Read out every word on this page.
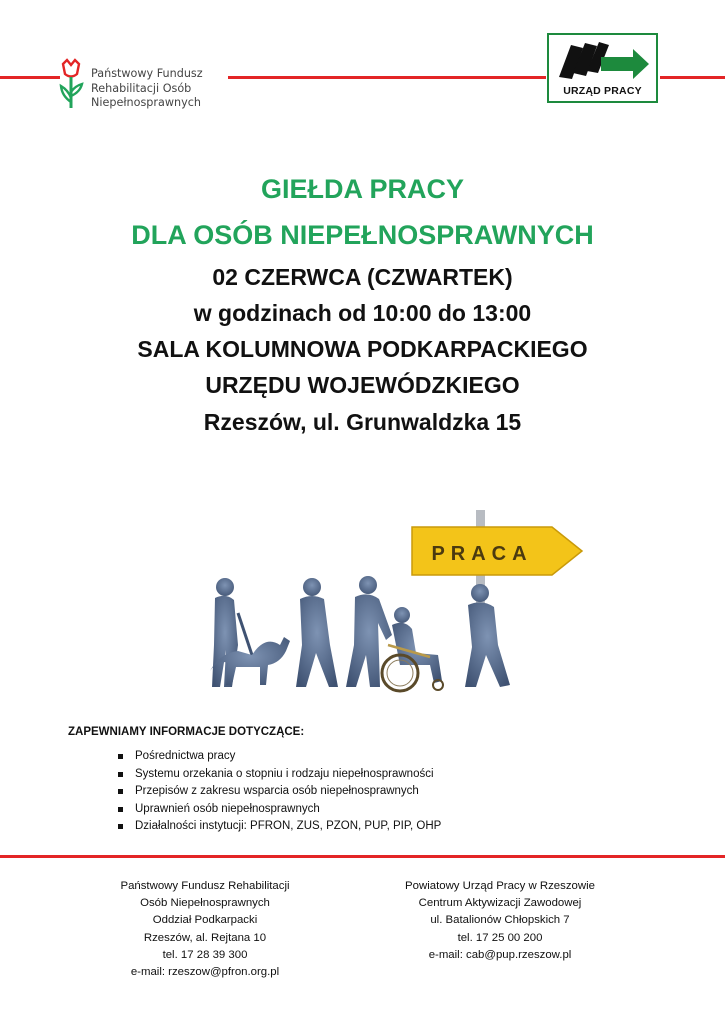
Państwowy Fundusz
Rehabilitacji Osób
Niepełnosprawnych
URZĄD PRACY
GIEŁDA PRACY
DLA OSÓB NIEPEŁNOSPRAWNYCH
02 CZERWCA (CZWARTEK)
w godzinach od 10:00 do 13:00
SALA KOLUMNOWA PODKARPACKIEGO
URZĘDU WOJEWÓDZKIEGO
Rzeszów, ul. Grunwaldzka 15
PRACA
ZAPEWNIAMY INFORMACJE DOTYCZĄCE:
Pośrednictwa pracy
Systemu orzekania o stopniu i rodzaju niepełnosprawności
Przepisów z zakresu wsparcia osób niepełnosprawnych
Uprawnień osób niepełnosprawnych
Działalności instytucji: PFRON, ZUS, PZON, PUP, PIP, OHP
Państwowy Fundusz Rehabilitacji
Osób Niepełnosprawnych
Oddział Podkarpacki
Rzeszów, al. Rejtana 10
tel. 17 28 39 300
e-mail: rzeszow@pfron.org.pl
Powiatowy Urząd Pracy w Rzeszowie
Centrum Aktywizacji Zawodowej
ul. Batalionów Chłopskich 7
tel. 17 25 00 200
e-mail: cab@pup.rzeszow.pl
